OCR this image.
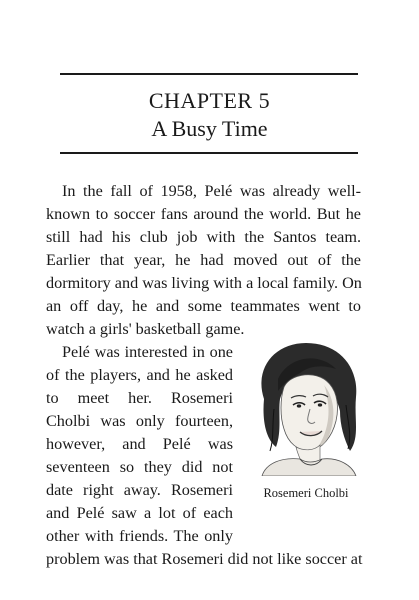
CHAPTER 5
A Busy Time
In the fall of 1958, Pelé was already well-
known to soccer fans around the world. But he
still had his club job with the Santos team.
Earlier that year, he had moved out of the
dormitory and was living with a local family. On
an off day, he and some teammates went to
watch a girls' basketball game.
Pelé was interested in one
of the players, and he asked
to meet her. Rosemeri
Cholbi was only fourteen,
however, and Pelé was
seventeen so they did not
date right away. Rosemeri
and Pelé saw a lot of each
other with friends. The only
problem was that Rosemeri did not like soccer at
Rosemeri Cholbi
